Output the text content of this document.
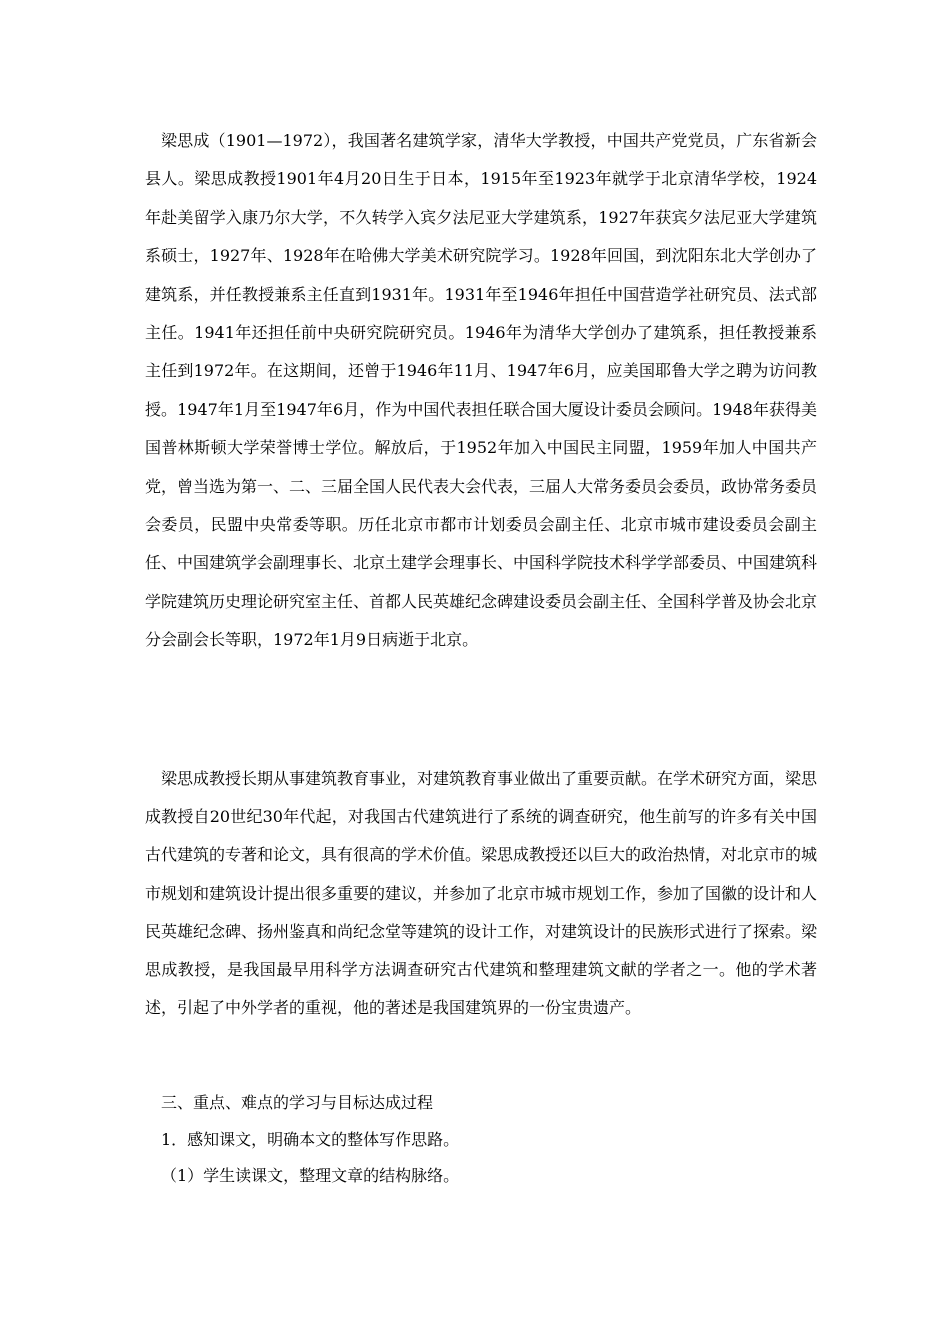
梁思成（1901—1972），我国著名建筑学家，清华大学教授，中国共产党党员，广东省新会县人。梁思成教授1901年4月20日生于日本，1915年至1923年就学于北京清华学校，1924年赴美留学入康乃尔大学，不久转学入宾夕法尼亚大学建筑系，1927年获宾夕法尼亚大学建筑系硕士，1927年、1928年在哈佛大学美术研究院学习。1928年回国，到沈阳东北大学创办了建筑系，并任教授兼系主任直到1931年。1931年至1946年担任中国营造学社研究员、法式部主任。1941年还担任前中央研究院研究员。1946年为清华大学创办了建筑系，担任教授兼系主任到1972年。在这期间，还曾于1946年11月、1947年6月，应美国耶鲁大学之聘为访问教授。1947年1月至1947年6月，作为中国代表担任联合国大厦设计委员会顾问。1948年获得美国普林斯顿大学荣誉博士学位。解放后，于1952年加入中国民主同盟，1959年加人中国共产党，曾当选为第一、二、三届全国人民代表大会代表，三届人大常务委员会委员，政协常务委员会委员，民盟中央常委等职。历任北京市都市计划委员会副主任、北京市城市建设委员会副主任、中国建筑学会副理事长、北京土建学会理事长、中国科学院技术科学学部委员、中国建筑科学院建筑历史理论研究室主任、首都人民英雄纪念碑建设委员会副主任、全国科学普及协会北京分会副会长等职，1972年1月9日病逝于北京。

梁思成教授长期从事建筑教育事业，对建筑教育事业做出了重要贡献。在学术研究方面，梁思成教授自20世纪30年代起，对我国古代建筑进行了系统的调查研究，他生前写的许多有关中国古代建筑的专著和论文，具有很高的学术价值。梁思成教授还以巨大的政治热情，对北京市的城市规划和建筑设计提出很多重要的建议，并参加了北京市城市规划工作，参加了国徽的设计和人民英雄纪念碑、扬州鉴真和尚纪念堂等建筑的设计工作，对建筑设计的民族形式进行了探索。梁思成教授，是我国最早用科学方法调查研究古代建筑和整理建筑文献的学者之一。他的学术著述，引起了中外学者的重视，他的著述是我国建筑界的一份宝贵遗产。

三、重点、难点的学习与目标达成过程
1．感知课文，明确本文的整体写作思路。
（1）学生读课文，整理文章的结构脉络。
